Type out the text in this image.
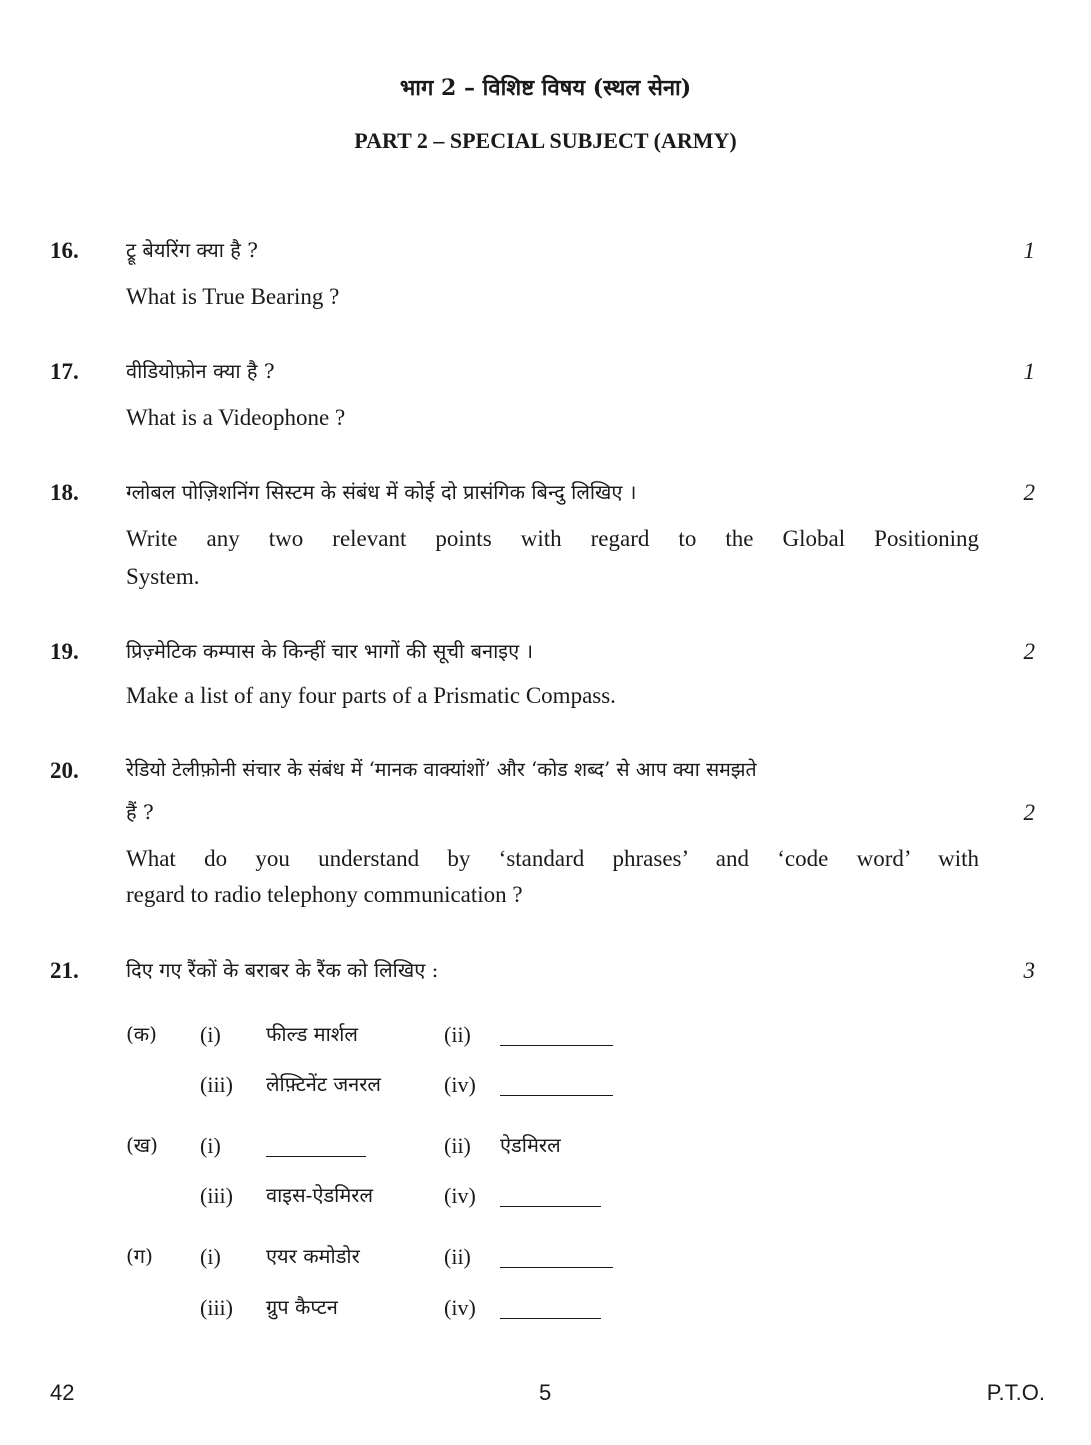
भाग 2 – विशिष्ट विषय (स्थल सेना)
PART 2 – SPECIAL SUBJECT (ARMY)
16.	1
ट्रू बेयरिंग क्या है ?
What is True Bearing ?
17.	1
वीडियोफ़ोन क्या है ?
What is a Videophone ?
18.	2
ग्लोबल पोज़िशनिंग सिस्टम के संबंध में कोई दो प्रासंगिक बिन्दु लिखिए ।
Write any two relevant points with regard to the Global Positioning
System.
19.	2
प्रिज़्मेटिक कम्पास के किन्हीं चार भागों की सूची बनाइए ।
Make a list of any four parts of a Prismatic Compass.
20.
2
रेडियो टेलीफ़ोनी संचार के संबंध में ‘मानक वाक्यांशों’ और ‘कोड शब्द’ से आप क्या समझते
हैं ?
What do you understand by ‘standard phrases’ and ‘code word’ with
regard to radio telephony communication ?
21.	3
दिए गए रैंकों के बराबर के रैंक को लिखिए :
(क) (i) फील्ड मार्शल	(ii)
(iii) लेफ़्टिनेंट जनरल	(iv)
(ख) (i)	(ii) ऐडमिरल
(iii) वाइस-ऐडमिरल	(iv)
(ग) (i) एयर कमोडोर	(ii)
(iii) ग्रुप कैप्टन	(iv)
42	5	P.T.O.
